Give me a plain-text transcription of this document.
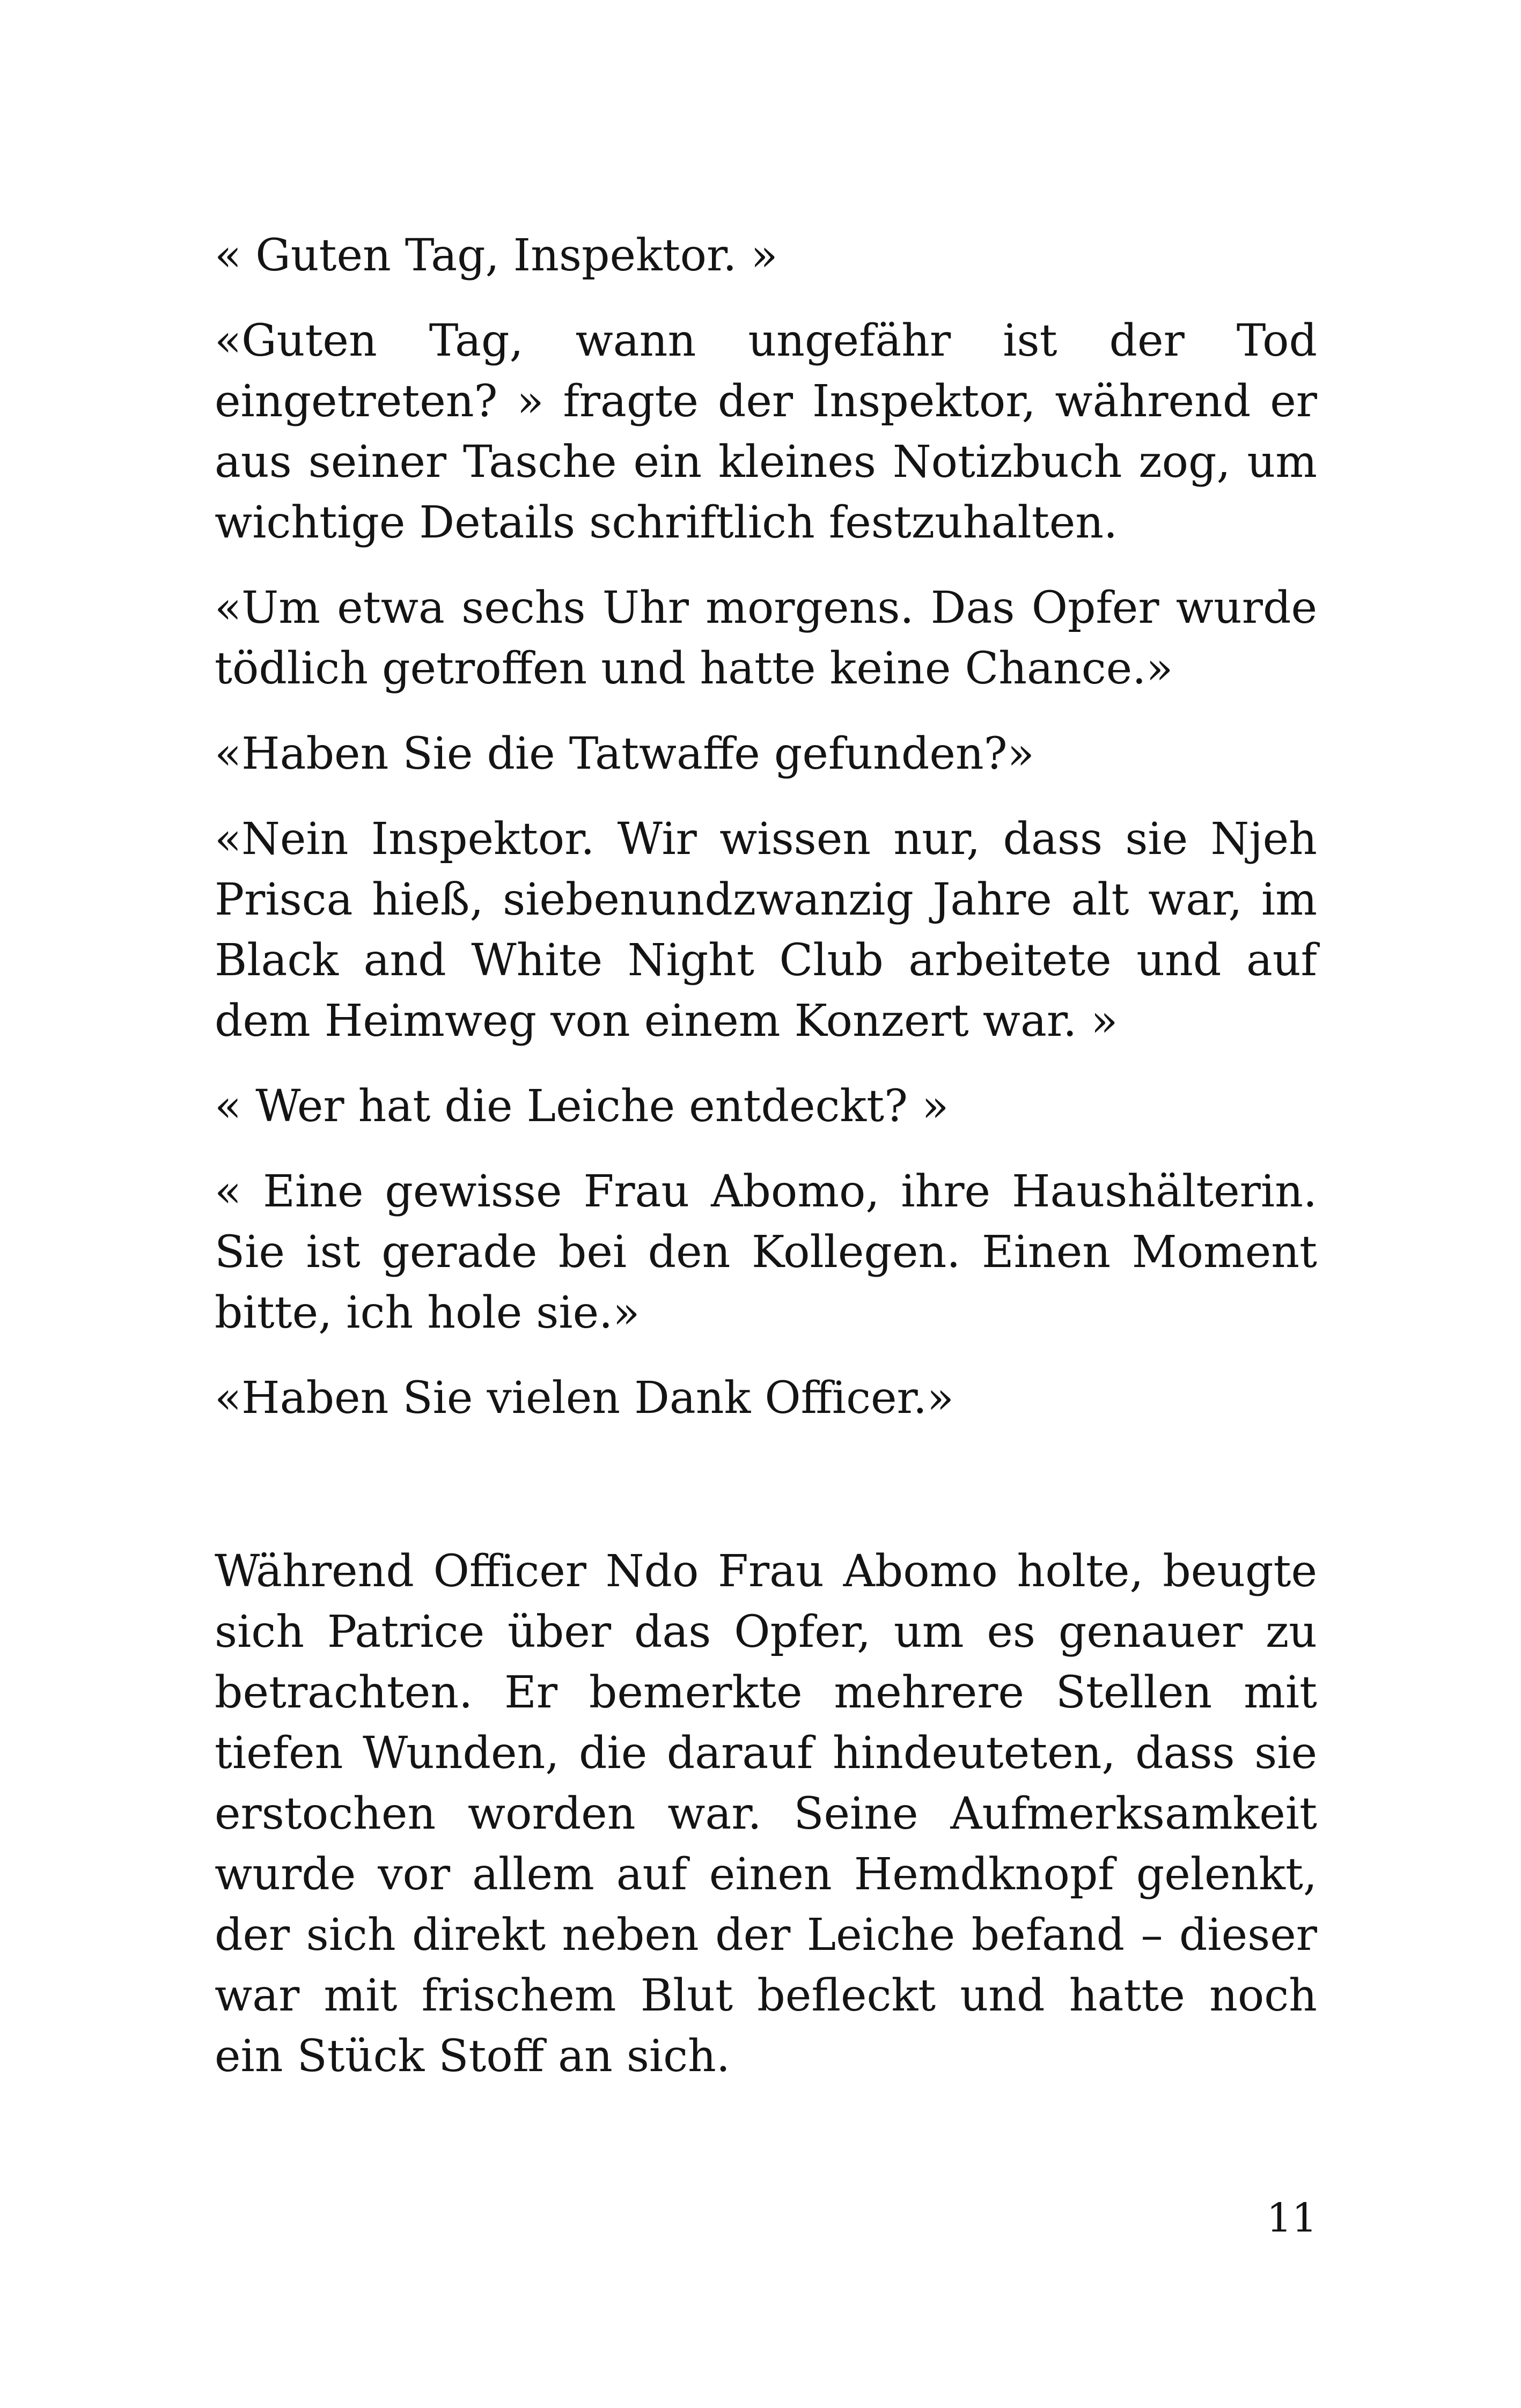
« Guten Tag, Inspektor. »

«Guten Tag, wann ungefähr ist der Tod eingetreten? » fragte der Inspektor, während er aus seiner Tasche ein kleines Notizbuch zog, um wichtige Details schriftlich festzuhalten.

«Um etwa sechs Uhr morgens. Das Opfer wurde tödlich getroffen und hatte keine Chance.»

«Haben Sie die Tatwaffe gefunden?»

«Nein Inspektor. Wir wissen nur, dass sie Njeh Prisca hieß, siebenundzwanzig Jahre alt war, im Black and White Night Club arbeitete und auf dem Heimweg von einem Konzert war. »

« Wer hat die Leiche entdeckt? »

« Eine gewisse Frau Abomo, ihre Haushälterin. Sie ist gerade bei den Kollegen. Einen Moment bitte, ich hole sie.»

«Haben Sie vielen Dank Officer.»

Während Officer Ndo Frau Abomo holte, beugte sich Patrice über das Opfer, um es genauer zu betrachten. Er bemerkte mehrere Stellen mit tiefen Wunden, die darauf hindeuteten, dass sie erstochen worden war. Seine Aufmerksamkeit wurde vor allem auf einen Hemdknopf gelenkt, der sich direkt neben der Leiche befand – dieser war mit frischem Blut befleckt und hatte noch ein Stück Stoff an sich.

11
